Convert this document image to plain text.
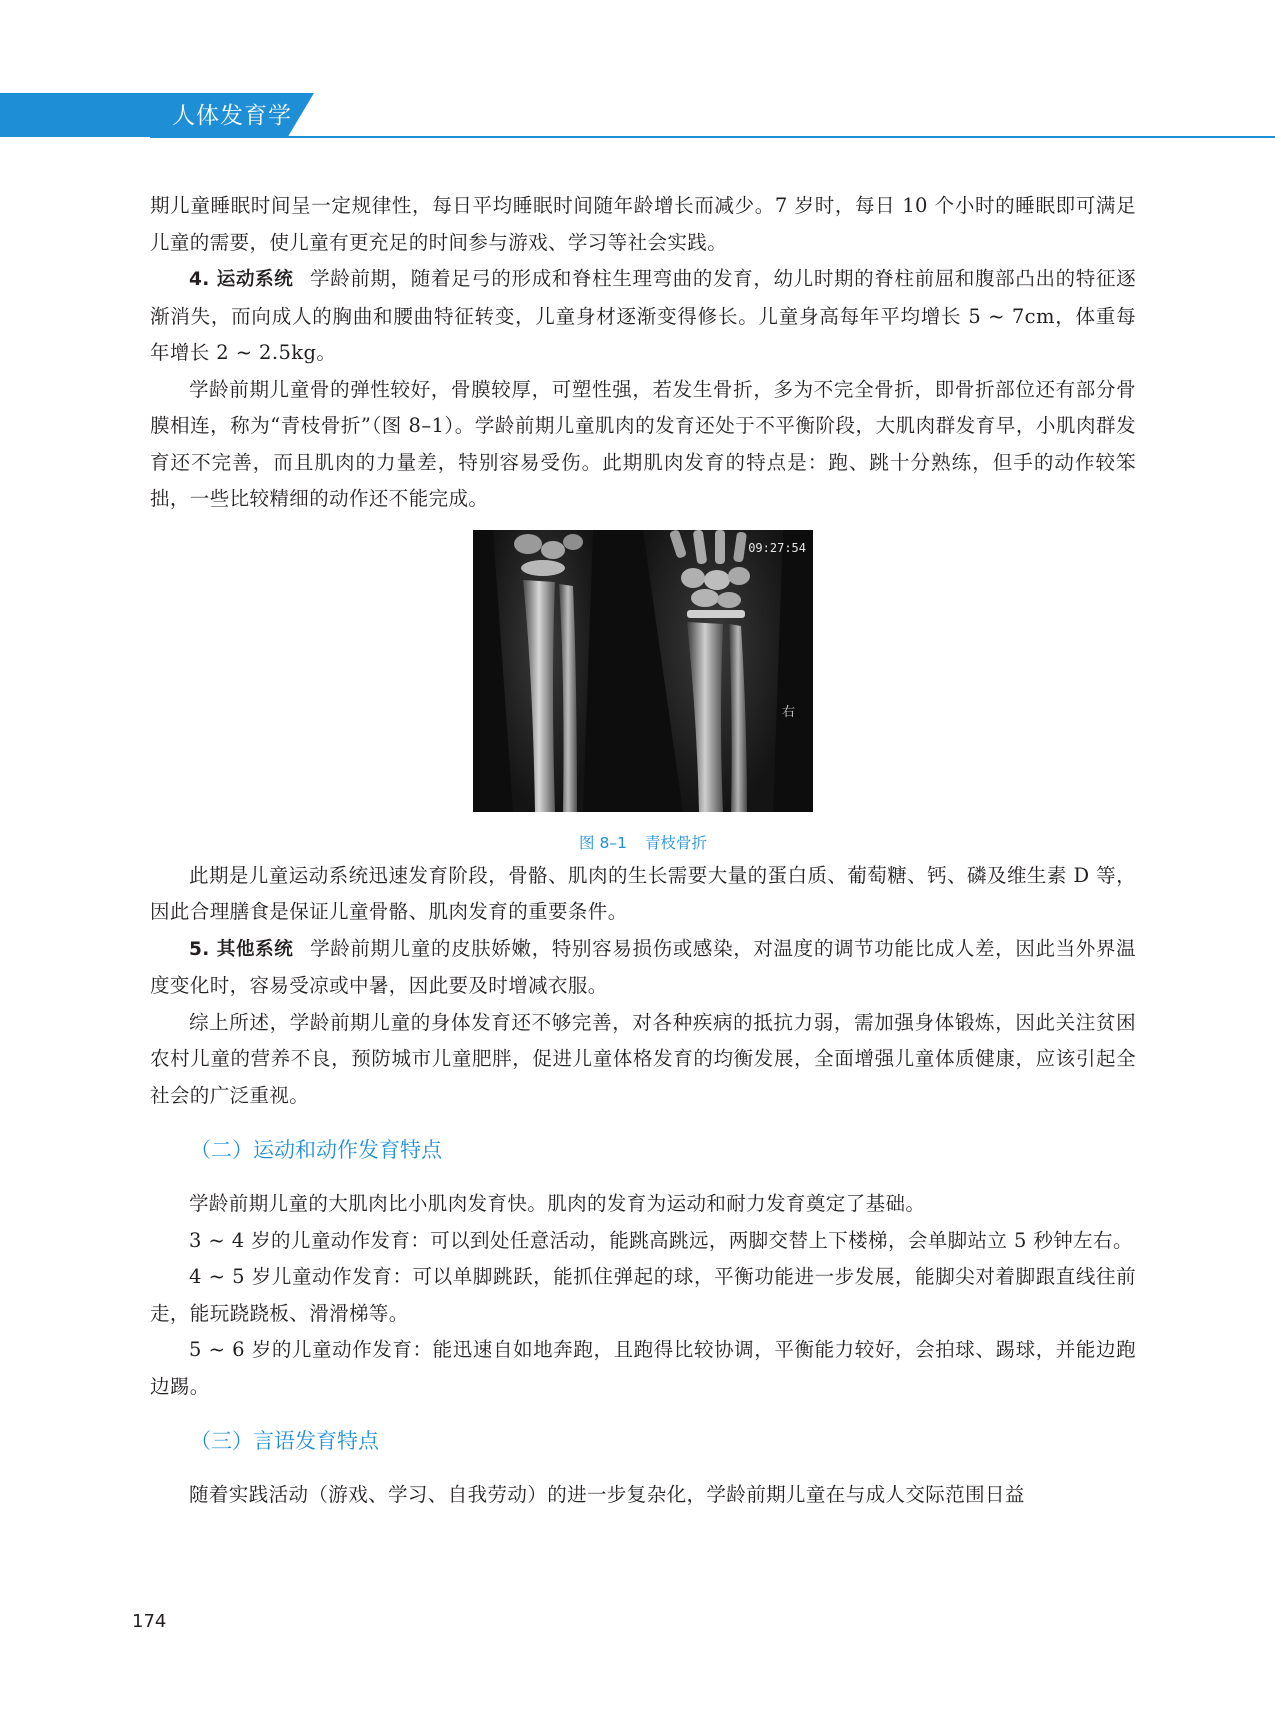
人体发育学

期儿童睡眠时间呈一定规律性，每日平均睡眠时间随年龄增长而减少。7 岁时，每日 10 个小时的睡眠即可满足儿童的需要，使儿童有更充足的时间参与游戏、学习等社会实践。

4. 运动系统 学龄前期，随着足弓的形成和脊柱生理弯曲的发育，幼儿时期的脊柱前屈和腹部凸出的特征逐渐消失，而向成人的胸曲和腰曲特征转变，儿童身材逐渐变得修长。儿童身高每年平均增长 5 ~ 7cm，体重每年增长 2 ~ 2.5kg。

学龄前期儿童骨的弹性较好，骨膜较厚，可塑性强，若发生骨折，多为不完全骨折，即骨折部位还有部分骨膜相连，称为“青枝骨折”（图 8–1）。学龄前期儿童肌肉的发育还处于不平衡阶段，大肌肉群发育早，小肌肉群发育还不完善，而且肌肉的力量差，特别容易受伤。此期肌肉发育的特点是：跑、跳十分熟练，但手的动作较笨拙，一些比较精细的动作还不能完成。

09:27:54
右
图 8–1 青枝骨折

此期是儿童运动系统迅速发育阶段，骨骼、肌肉的生长需要大量的蛋白质、葡萄糖、钙、磷及维生素 D 等，因此合理膳食是保证儿童骨骼、肌肉发育的重要条件。

5. 其他系统 学龄前期儿童的皮肤娇嫩，特别容易损伤或感染，对温度的调节功能比成人差，因此当外界温度变化时，容易受凉或中暑，因此要及时增减衣服。

综上所述，学龄前期儿童的身体发育还不够完善，对各种疾病的抵抗力弱，需加强身体锻炼，因此关注贫困农村儿童的营养不良，预防城市儿童肥胖，促进儿童体格发育的均衡发展，全面增强儿童体质健康，应该引起全社会的广泛重视。

（二）运动和动作发育特点

学龄前期儿童的大肌肉比小肌肉发育快。肌肉的发育为运动和耐力发育奠定了基础。

3 ~ 4 岁的儿童动作发育：可以到处任意活动，能跳高跳远，两脚交替上下楼梯，会单脚站立 5 秒钟左右。

4 ~ 5 岁儿童动作发育：可以单脚跳跃，能抓住弹起的球，平衡功能进一步发展，能脚尖对着脚跟直线往前走，能玩跷跷板、滑滑梯等。

5 ~ 6 岁的儿童动作发育：能迅速自如地奔跑，且跑得比较协调，平衡能力较好，会拍球、踢球，并能边跑边踢。

（三）言语发育特点

随着实践活动（游戏、学习、自我劳动）的进一步复杂化，学龄前期儿童在与成人交际范围日益

174
